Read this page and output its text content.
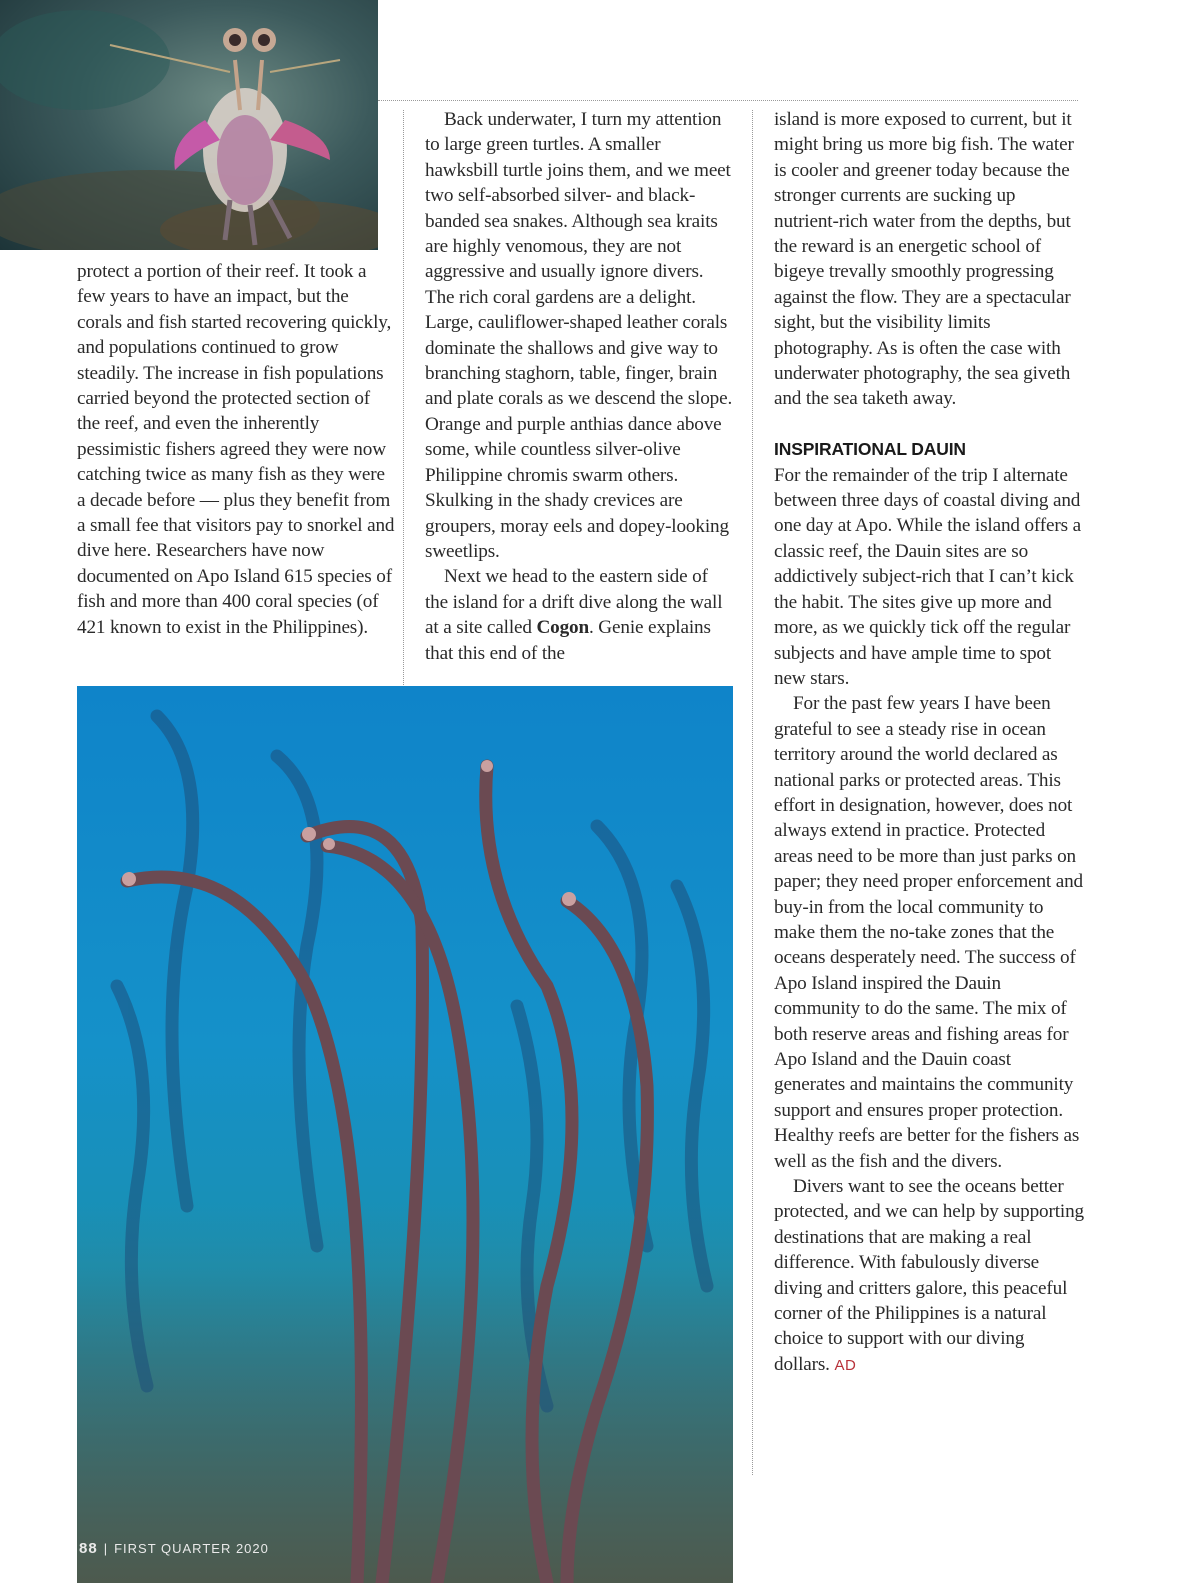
protect a portion of their reef. It took a few years to have an impact, but the corals and fish started recovering quickly, and populations continued to grow steadily. The increase in fish populations carried beyond the protected section of the reef, and even the inherently pessimistic fishers agreed they were now catching twice as many fish as they were a decade before — plus they benefit from a small fee that visitors pay to snorkel and dive here. Researchers have now documented on Apo Island 615 species of fish and more than 400 coral species (of 421 known to exist in the Philippines).

Back underwater, I turn my attention to large green turtles. A smaller hawksbill turtle joins them, and we meet two self-absorbed silver- and black-banded sea snakes. Although sea kraits are highly venomous, they are not aggressive and usually ignore divers. The rich coral gardens are a delight. Large, cauliflower-shaped leather corals dominate the shallows and give way to branching staghorn, table, finger, brain and plate corals as we descend the slope. Orange and purple anthias dance above some, while countless silver-olive Philippine chromis swarm others. Skulking in the shady crevices are groupers, moray eels and dopey-looking sweetlips.

Next we head to the eastern side of the island for a drift dive along the wall at a site called Cogon. Genie explains that this end of the

island is more exposed to current, but it might bring us more big fish. The water is cooler and greener today because the stronger currents are sucking up nutrient-rich water from the depths, but the reward is an energetic school of bigeye trevally smoothly progressing against the flow. They are a spectacular sight, but the visibility limits photography. As is often the case with underwater photography, the sea giveth and the sea taketh away.

INSPIRATIONAL DAUIN

For the remainder of the trip I alternate between three days of coastal diving and one day at Apo. While the island offers a classic reef, the Dauin sites are so addictively subject-rich that I can’t kick the habit. The sites give up more and more, as we quickly tick off the regular subjects and have ample time to spot new stars.

For the past few years I have been grateful to see a steady rise in ocean territory around the world declared as national parks or protected areas. This effort in designation, however, does not always extend in practice. Protected areas need to be more than just parks on paper; they need proper enforcement and buy-in from the local community to make them the no-take zones that the oceans desperately need. The success of Apo Island inspired the Dauin community to do the same. The mix of both reserve areas and fishing areas for Apo Island and the Dauin coast generates and maintains the community support and ensures proper protection. Healthy reefs are better for the fishers as well as the fish and the divers.

Divers want to see the oceans better protected, and we can help by supporting destinations that are making a real difference. With fabulously diverse diving and critters galore, this peaceful corner of the Philippines is a natural choice to support with our diving dollars. AD

88 | FIRST QUARTER 2020
